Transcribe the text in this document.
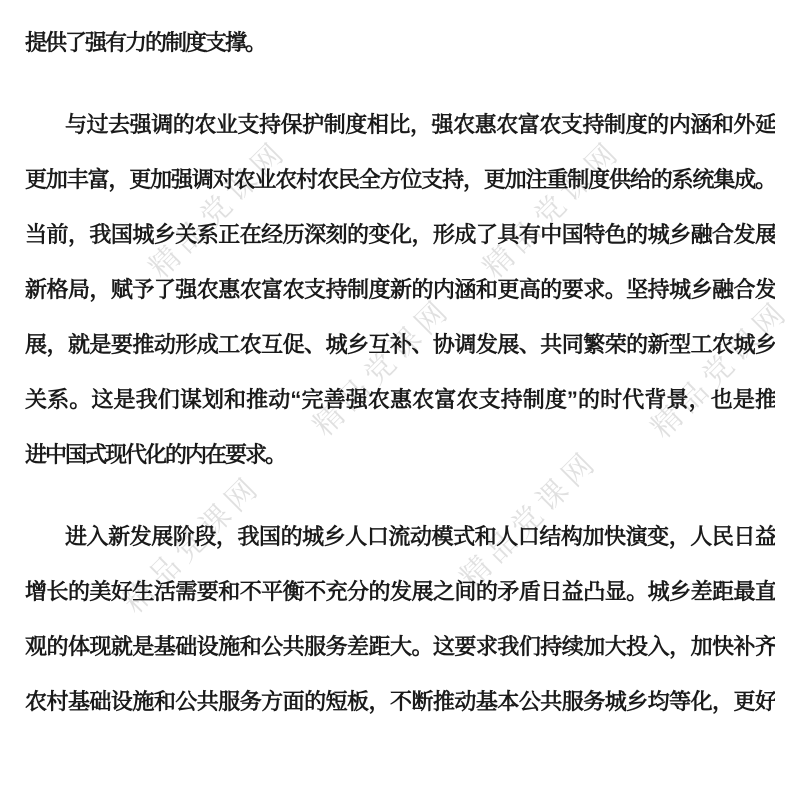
精品党课网	精品党课网
精品党课网	精品党课网
精品党课网	精品党课网
提供了强有力的制度支撑。
与过去强调的农业支持保护制度相比，强农惠农富农支持制度的内涵和外延
更加丰富，更加强调对农业农村农民全方位支持，更加注重制度供给的系统集成。
当前，我国城乡关系正在经历深刻的变化，形成了具有中国特色的城乡融合发展
新格局，赋予了强农惠农富农支持制度新的内涵和更高的要求。坚持城乡融合发
展，就是要推动形成工农互促、城乡互补、协调发展、共同繁荣的新型工农城乡
关系。这是我们谋划和推动“完善强农惠农富农支持制度”的时代背景，也是推
进中国式现代化的内在要求。
进入新发展阶段，我国的城乡人口流动模式和人口结构加快演变，人民日益
增长的美好生活需要和不平衡不充分的发展之间的矛盾日益凸显。城乡差距最直
观的体现就是基础设施和公共服务差距大。这要求我们持续加大投入，加快补齐
农村基础设施和公共服务方面的短板，不断推动基本公共服务城乡均等化，更好
